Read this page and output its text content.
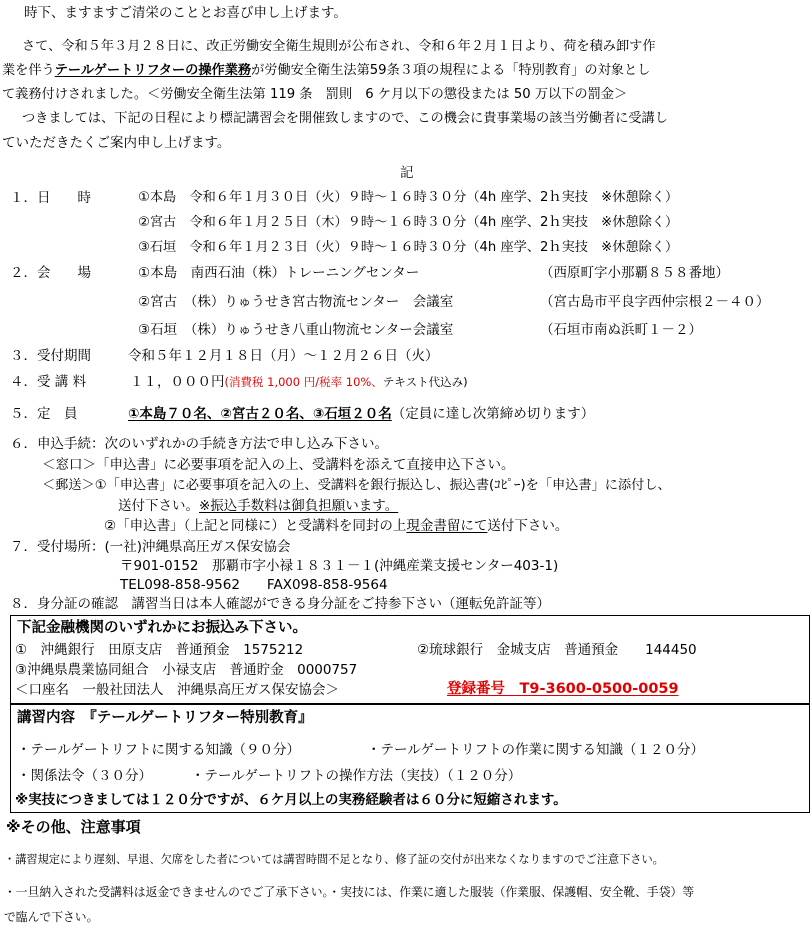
時下、ますますご清栄のこととお喜び申し上げます。
さて、令和５年３月２８日に、改正労働安全衛生規則が公布され、令和６年２月１日より、荷を積み卸す作
業を伴うテールゲートリフターの操作業務が労働安全衛生法第59条３項の規程による「特別教育」の対象とし
て義務付けされました。＜労働安全衛生法第 119 条　罰則　6 ケ月以下の懲役または 50 万以下の罰金＞
つきましては、下記の日程により標記講習会を開催致しますので、この機会に貴事業場の該当労働者に受講し
ていただきたくご案内申し上げます。
記
１．日　　時	①本島　令和６年１月３０日（火）９時～１６時３０分（4h 座学、2ｈ実技　※休憩除く）
②宮古　令和６年１月２５日（木）９時～１６時３０分（4h 座学、2ｈ実技　※休憩除く）
③石垣　令和６年１月２３日（火）９時～１６時３０分（4h 座学、2ｈ実技　※休憩除く）
２．会　　場	①本島　南西石油（株）トレーニングセンター	（西原町字小那覇８５８番地）
②宮古　（株）りゅうせき宮古物流センター　会議室	（宮古島市平良字西仲宗根２－４０）
③石垣　（株）りゅうせき八重山物流センター会議室	（石垣市南ぬ浜町１－２）
３．受付期間	令和５年１２月１８日（月）～１２月２６日（火）
４．受 講 料	１１，０００円(消費税 1,000 円/税率 10%、テキスト代込み)
５．定　員	①本島７０名、②宮古２０名、③石垣２０名（定員に達し次第締め切ります）
６．申込手続：次のいずれかの手続き方法で申し込み下さい。
＜窓口＞「申込書」に必要事項を記入の上、受講料を添えて直接申込下さい。
＜郵送＞①「申込書」に必要事項を記入の上、受講料を銀行振込し、振込書(ｺﾋﾟｰ)を「申込書」に添付し、
送付下さい。※振込手数料は御負担願います。
②「申込書」（上記と同様に）と受講料を同封の上現金書留にて送付下さい。
７．受付場所：(一社)沖縄県高圧ガス保安協会
〒901-0152　那覇市字小禄１８３１－１(沖縄産業支援センター403-1)
TEL098-858-9562　　FAX098-858-9564
８．身分証の確認　講習当日は本人確認ができる身分証をご持参下さい（運転免許証等）
下記金融機関のいずれかにお振込み下さい。
①　沖縄銀行　田原支店　普通預金　1575212	②琉球銀行　金城支店　普通預金　　144450
③沖縄県農業協同組合　小禄支店　普通貯金　0000757
＜口座名　一般社団法人　沖縄県高圧ガス保安協会＞	登録番号　T9-3600-0500-0059
講習内容　『テールゲートリフター特別教育』
・テールゲートリフトに関する知識（９０分）	・テールゲートリフトの作業に関する知識（１２０分）
・関係法令（３０分）	・テールゲートリフトの操作方法（実技）（１２０分）
※実技につきましては１２０分ですが、６ケ月以上の実務経験者は６０分に短縮されます。
※その他、注意事項
・講習規定により遅刻、早退、欠席をした者については講習時間不足となり、修了証の交付が出来なくなりますのでご注意下さい。
・一旦納入された受講料は返金できませんのでご了承下さい。・実技には、作業に適した服装（作業服、保護帽、安全靴、手袋）等
で臨んで下さい。
